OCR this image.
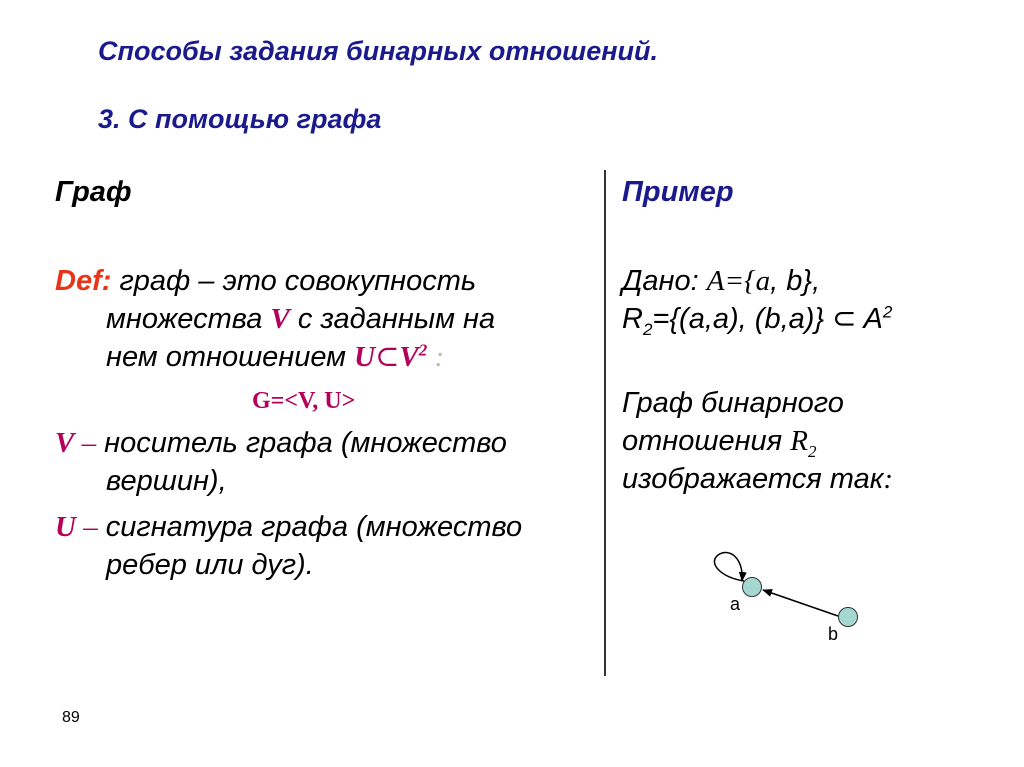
Способы задания бинарных отношений.
3. С помощью графа
Граф
Def: граф – это совокупность
множества V с заданным на
нем отношением $U\subset V^2$ :
G=<V, U>
V – носитель графа (множество
вершин),
U – сигнатура графа (множество
ребер или дуг).
Пример
Дано: A={a, b},
$R_2=\{(a,a)$, (b,a)} ⊂ $A^2$
Граф бинарного
отношения $R_2$
изображается так:
a
b
89
